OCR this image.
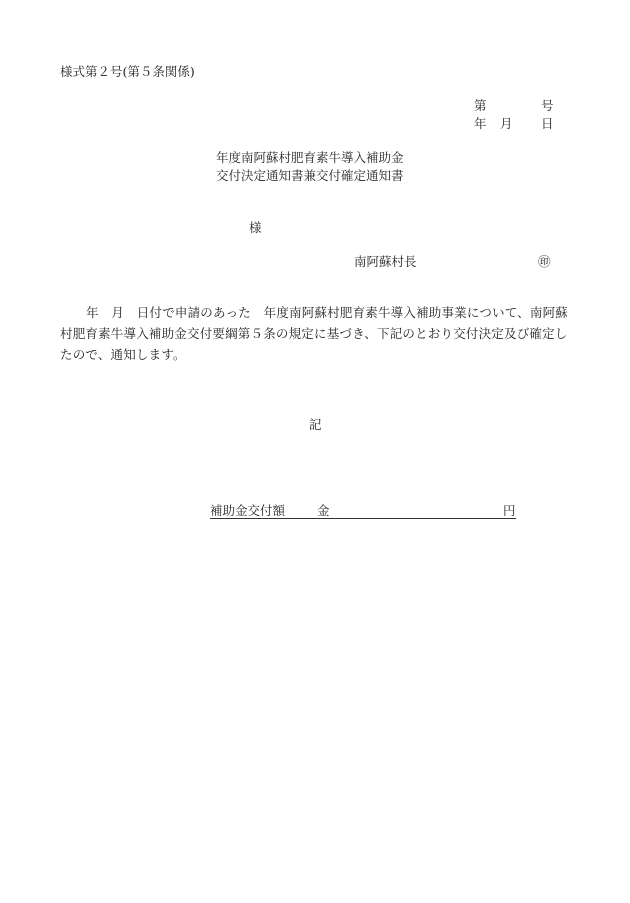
様式第２号(第５条関係)
第	号
年 月 日
年度南阿蘇村肥育素牛導入補助金
交付決定通知書兼交付確定通知書
様
南阿蘇村長	㊞
年　月　日付で申請のあった　年度南阿蘇村肥育素牛導入補助事業について、南阿蘇村肥育素牛導入補助金交付要綱第５条の規定に基づき、下記のとおり交付決定及び確定したので、通知します。
記
補助金交付額	金	円
